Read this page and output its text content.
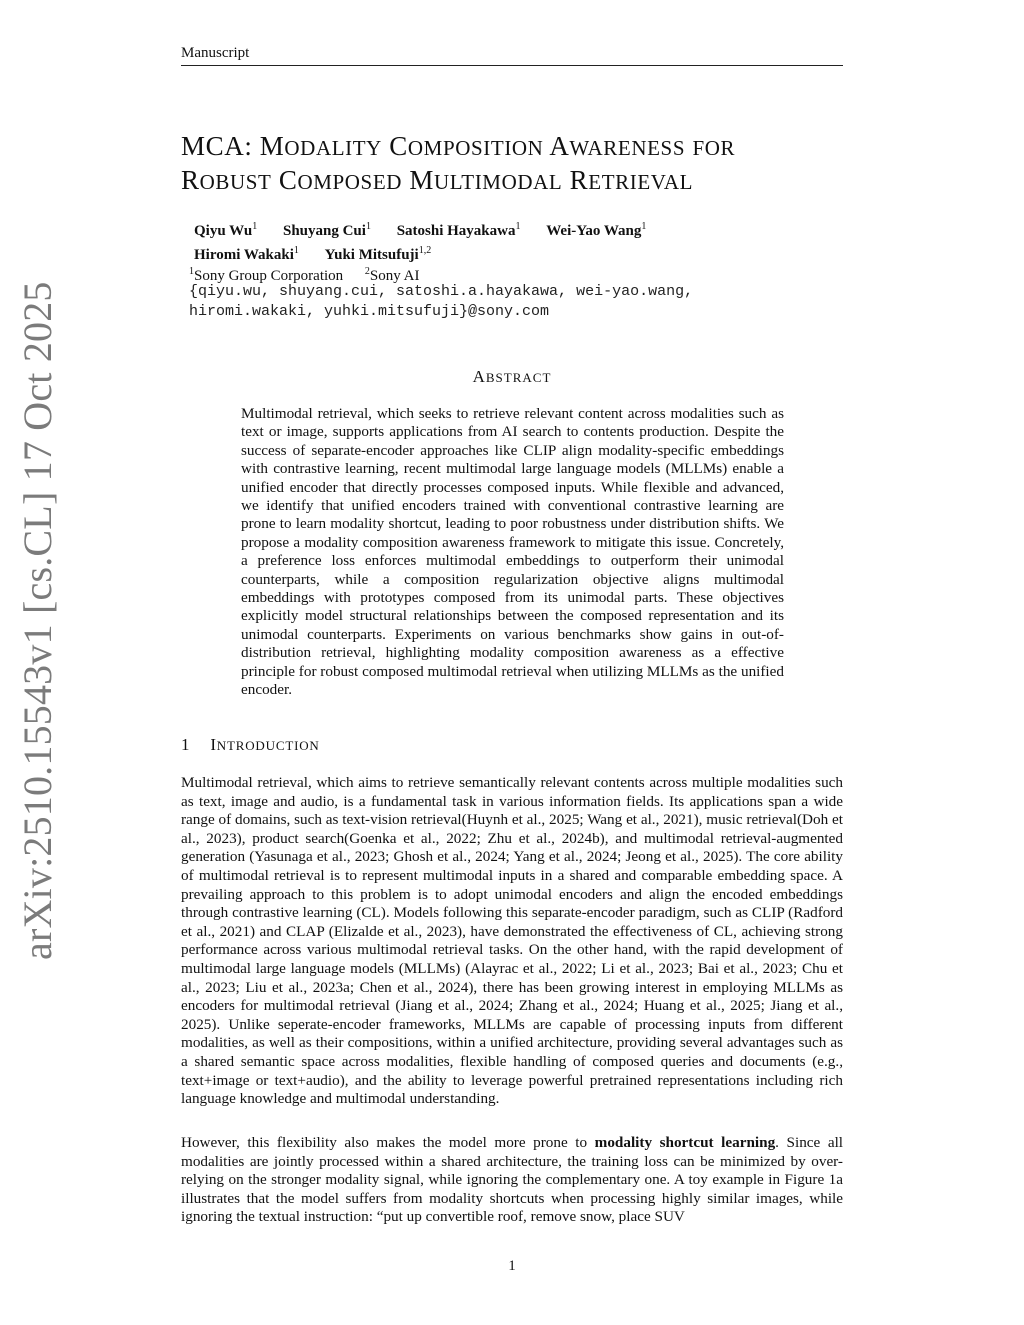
Manuscript
arXiv:2510.15543v1 [cs.CL] 17 Oct 2025
MCA: MODALITY COMPOSITION AWARENESS FOR
ROBUST COMPOSED MULTIMODAL RETRIEVAL
Qiyu Wu$^1$ Shuyang Cui$^1$ Satoshi Hayakawa$^1$ Wei-Yao Wang$^1$
Hiromi Wakaki$^1$ Yuki Mitsufuji$^{1,2}$
$^1$Sony Group Corporation $^2$Sony AI
{qiyu.wu, shuyang.cui, satoshi.a.hayakawa, wei-yao.wang,
hiromi.wakaki, yuhki.mitsufuji}@sony.com
ABSTRACT
Multimodal retrieval, which seeks to retrieve relevant content across modalities such as text or image, supports applications from AI search to contents production. Despite the success of separate-encoder approaches like CLIP align modality-specific embeddings with contrastive learning, recent multimodal large language models (MLLMs) enable a unified encoder that directly processes composed inputs. While flexible and advanced, we identify that unified encoders trained with conventional contrastive learning are prone to learn modality shortcut, leading to poor robustness under distribution shifts. We propose a modality composition awareness framework to mitigate this issue. Concretely, a preference loss enforces multimodal embeddings to outperform their unimodal counterparts, while a composition regularization objective aligns multimodal embeddings with prototypes composed from its unimodal parts. These objectives explicitly model structural relationships between the composed representation and its unimodal counterparts. Experiments on various benchmarks show gains in out-of-distribution retrieval, highlighting modality composition awareness as a effective principle for robust composed multimodal retrieval when utilizing MLLMs as the unified encoder.
1 INTRODUCTION
Multimodal retrieval, which aims to retrieve semantically relevant contents across multiple modalities such as text, image and audio, is a fundamental task in various information fields. Its applications span a wide range of domains, such as text-vision retrieval(Huynh et al., 2025; Wang et al., 2021), music retrieval(Doh et al., 2023), product search(Goenka et al., 2022; Zhu et al., 2024b), and multimodal retrieval-augmented generation (Yasunaga et al., 2023; Ghosh et al., 2024; Yang et al., 2024; Jeong et al., 2025). The core ability of multimodal retrieval is to represent multimodal inputs in a shared and comparable embedding space. A prevailing approach to this problem is to adopt unimodal encoders and align the encoded embeddings through contrastive learning (CL). Models following this separate-encoder paradigm, such as CLIP (Radford et al., 2021) and CLAP (Elizalde et al., 2023), have demonstrated the effectiveness of CL, achieving strong performance across various multimodal retrieval tasks. On the other hand, with the rapid development of multimodal large language models (MLLMs) (Alayrac et al., 2022; Li et al., 2023; Bai et al., 2023; Chu et al., 2023; Liu et al., 2023a; Chen et al., 2024), there has been growing interest in employing MLLMs as encoders for multimodal retrieval (Jiang et al., 2024; Zhang et al., 2024; Huang et al., 2025; Jiang et al., 2025). Unlike seperate-encoder frameworks, MLLMs are capable of processing inputs from different modalities, as well as their compositions, within a unified architecture, providing several advantages such as a shared semantic space across modalities, flexible handling of composed queries and documents (e.g., text+image or text+audio), and the ability to leverage powerful pretrained representations including rich language knowledge and multimodal understanding.
However, this flexibility also makes the model more prone to modality shortcut learning. Since all modalities are jointly processed within a shared architecture, the training loss can be minimized by over-relying on the stronger modality signal, while ignoring the complementary one. A toy example in Figure 1a illustrates that the model suffers from modality shortcuts when processing highly similar images, while ignoring the textual instruction: “put up convertible roof, remove snow, place SUV
1
